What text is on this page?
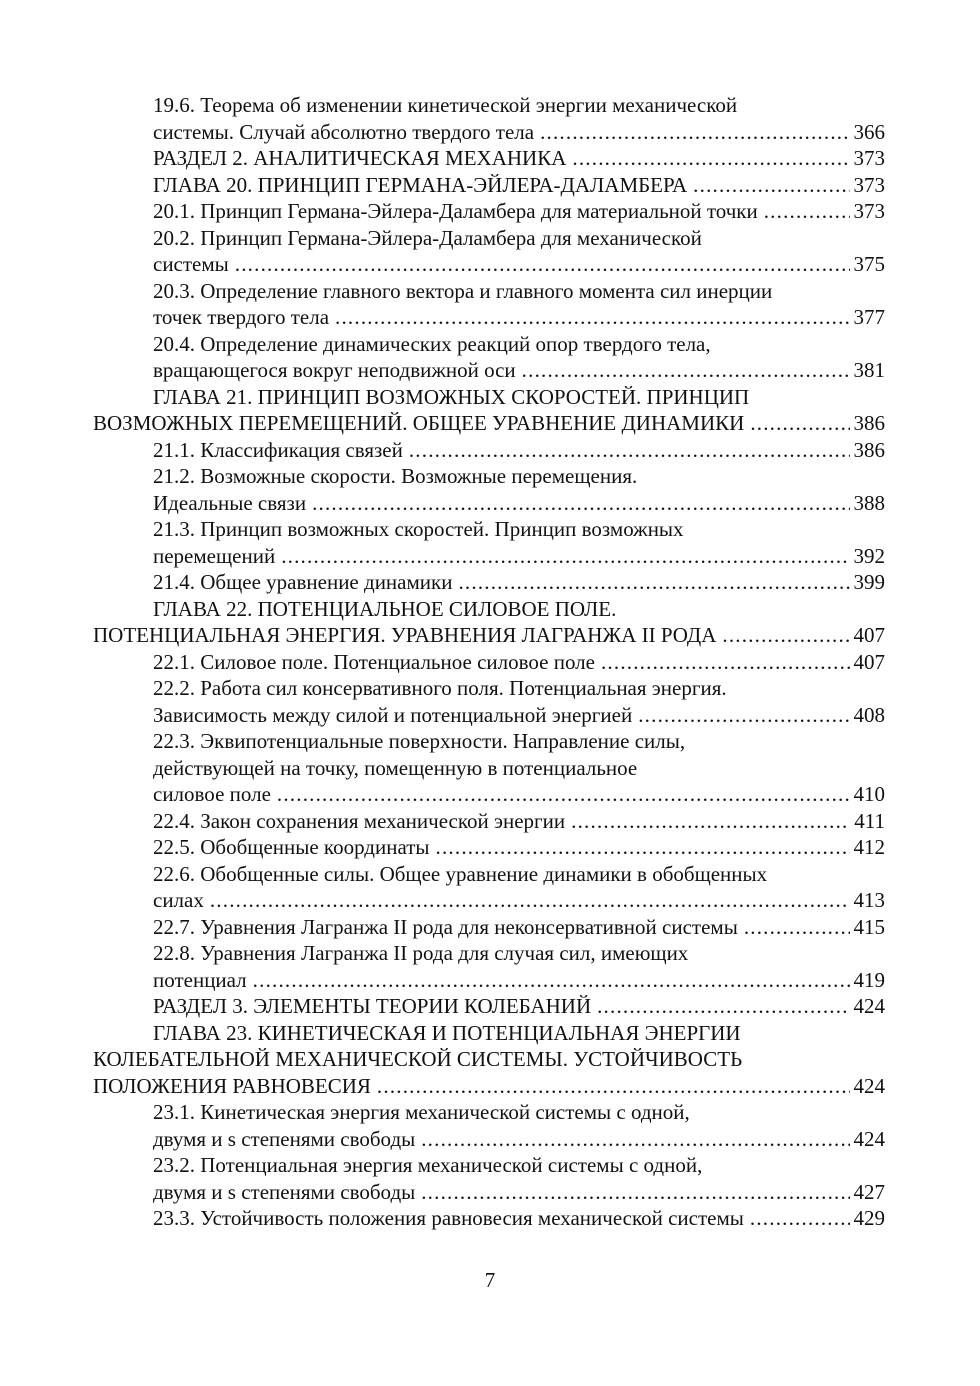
19.6. Теорема об изменении кинетической энергии механической
системы. Случай абсолютно твердого тела .....	366
РАЗДЕЛ 2. АНАЛИТИЧЕСКАЯ МЕХАНИКА .....	373
ГЛАВА 20. ПРИНЦИП ГЕРМАНА-ЭЙЛЕРА-ДАЛАМБЕРА .....	373
20.1. Принцип Германа-Эйлера-Даламбера для материальной точки .....	373
20.2. Принцип Германа-Эйлера-Даламбера для механической
системы .....	375
20.3. Определение главного вектора и главного момента сил инерции
точек твердого тела .....	377
20.4. Определение динамических реакций опор твердого тела,
вращающегося вокруг неподвижной оси .....	381
ГЛАВА 21. ПРИНЦИП ВОЗМОЖНЫХ СКОРОСТЕЙ. ПРИНЦИП
ВОЗМОЖНЫХ ПЕРЕМЕЩЕНИЙ. ОБЩЕЕ УРАВНЕНИЕ ДИНАМИКИ .....	386
21.1. Классификация связей .....	386
21.2. Возможные скорости. Возможные перемещения.
Идеальные связи .....	388
21.3. Принцип возможных скоростей. Принцип возможных
перемещений .....	392
21.4. Общее уравнение динамики .....	399
ГЛАВА 22. ПОТЕНЦИАЛЬНОЕ СИЛОВОЕ ПОЛЕ.
ПОТЕНЦИАЛЬНАЯ ЭНЕРГИЯ. УРАВНЕНИЯ ЛАГРАНЖА II РОДА .....	407
22.1. Силовое поле. Потенциальное силовое поле .....	407
22.2. Работа сил консервативного поля. Потенциальная энергия.
Зависимость между силой и потенциальной энергией .....	408
22.3. Эквипотенциальные поверхности. Направление силы,
действующей на точку, помещенную в потенциальное
силовое поле .....	410
22.4. Закон сохранения механической энергии .....	411
22.5. Обобщенные координаты .....	412
22.6. Обобщенные силы. Общее уравнение динамики в обобщенных
силах .....	413
22.7. Уравнения Лагранжа II рода для неконсервативной системы .....	415
22.8. Уравнения Лагранжа II рода для случая сил, имеющих
потенциал .....	419
РАЗДЕЛ 3. ЭЛЕМЕНТЫ ТЕОРИИ КОЛЕБАНИЙ .....	424
ГЛАВА 23. КИНЕТИЧЕСКАЯ И ПОТЕНЦИАЛЬНАЯ ЭНЕРГИИ
КОЛЕБАТЕЛЬНОЙ МЕХАНИЧЕСКОЙ СИСТЕМЫ. УСТОЙЧИВОСТЬ
ПОЛОЖЕНИЯ РАВНОВЕСИЯ .....	424
23.1. Кинетическая энергия механической системы с одной,
двумя и s степенями свободы .....	424
23.2. Потенциальная энергия механической системы с одной,
двумя и s степенями свободы .....	427
23.3. Устойчивость положения равновесия механической системы .....	429
7
